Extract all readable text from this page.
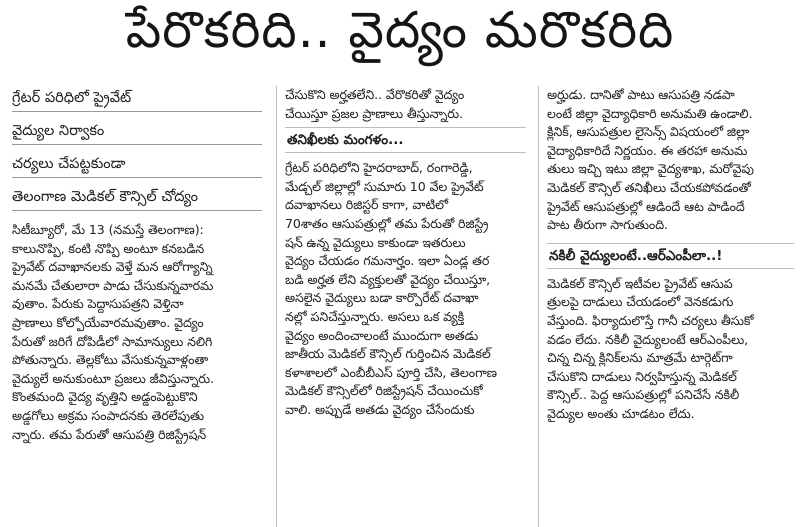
పేరొకరిది.. వైద్యం మరొకరిది
గ్రేటర్ పరిధిలో ప్రైవేట్
వైద్యుల నిర్వాకం
చర్యలు చేపట్టకుండా
తెలంగాణ మెడికల్ కౌన్సిల్ చోద్యం
సిటీబ్యూరో, మే 13 (నమస్తే తెలంగాణ):
కాలునొప్పి, కంటి నొప్పి అంటూ కనబడిన
ప్రైవేట్ దవాఖానలకు వెళ్తే మన ఆరోగ్యాన్ని
మనమే చేతులారా పాడు చేసుకున్నవారమ
వుతాం. పేరుకు పెద్దాసుపత్రని వెళ్తినా
ప్రాణాలు కోల్పోయేవారమవుతాం. వైద్యం
పేరుతో జరిగే దోపిడీలో సామాన్యులు నలిగి
పోతున్నారు. తెల్లకోటు వేసుకున్నవాళ్లంతా
వైద్యులే అనుకుంటూ ప్రజలు జీవిస్తున్నారు.
కొంతమంది వైద్య వృత్తిని అడ్డంపెట్టుకొని
అడ్డగోలు అక్రమ సంపాదనకు తెరలేపుతు
న్నారు. తమ పేరుతో ఆసుపత్రి రిజిస్ట్రేషన్
చేసుకొని అర్హతలేని.. వేరొకరితో వైద్యం
చేయిస్తూ ప్రజల ప్రాణాలు తీస్తున్నారు.
తనిఖీలకు మంగళం...
గ్రేటర్ పరిధిలోని హైదరాబాద్, రంగారెడ్డి,
మేడ్చల్ జిల్లాల్లో సుమారు 10 వేల ప్రైవేట్
దవాఖానలు రిజిస్టర్ కాగా, వాటిలో
70శాతం ఆసుపత్రుల్లో తమ పేరుతో రిజిస్ట్రే
షన్ ఉన్న వైద్యులు కాకుండా ఇతరులు
వైద్యం చేయడం గమనార్హం. ఇలా ఏండ్ల తర
బడి అర్హత లేని వ్యక్తులతో వైద్యం చేయిస్తూ,
అసలైన వైద్యులు బడా కార్పొరేట్ దవాఖా
నల్లో పనిచేస్తున్నారు. అసలు ఒక వ్యక్తి
వైద్యం అందించాలంటే ముందుగా అతడు
జాతీయ మెడికల్ కౌన్సిల్ గుర్తించిన మెడికల్
కళాశాలలో ఎంబీబీఎస్ పూర్తి చేసి, తెలంగాణ
మెడికల్ కౌన్సిల్‌లో రిజిస్ట్రేషన్ చేయించుకో
వాలి. అప్పుడే అతడు వైద్యం చేసేందుకు
అర్హుడు. దానితో పాటు ఆసుపత్రి నడపా
లంటే జిల్లా వైద్యాధికారి అనుమతి ఉండాలి.
క్లినిక్, ఆసుపత్రుల లైసెన్స్ విషయంలో జిల్లా
వైద్యాధికారిదే నిర్ణయం. ఈ తరహా అనుమ
తులు ఇచ్చి ఇటు జిల్లా వైద్యశాఖ, మరోవైపు
మెడికల్ కౌన్సిల్ తనిఖీలు చేయకపోవడంతో
ప్రైవేట్ ఆసుపత్రుల్లో ఆడిందే ఆట పాడిందే
పాట తీరుగా సాగుతుంది.
నకిలీ వైద్యులంటే..ఆర్‌ఎంపీలా..!
మెడికల్ కౌన్సిల్ ఇటీవల ప్రైవేట్ ఆసుప
త్రులపై దాడులు చేయడంలో వెనకడుగు
వేస్తుంది. ఫిర్యాదులొస్తే గానీ చర్యలు తీసుకో
వడం లేదు. నకిలీ వైద్యులంటే ఆర్‌ఎంపీలు,
చిన్న చిన్న క్లినిక్‌లను మాత్రమే టార్గెట్‌గా
చేసుకొని దాడులు నిర్వహిస్తున్న మెడికల్
కౌన్సిల్.. పెద్ద ఆసుపత్రుల్లో పనిచేసే నకిలీ
వైద్యుల అంతు చూడటం లేదు.
